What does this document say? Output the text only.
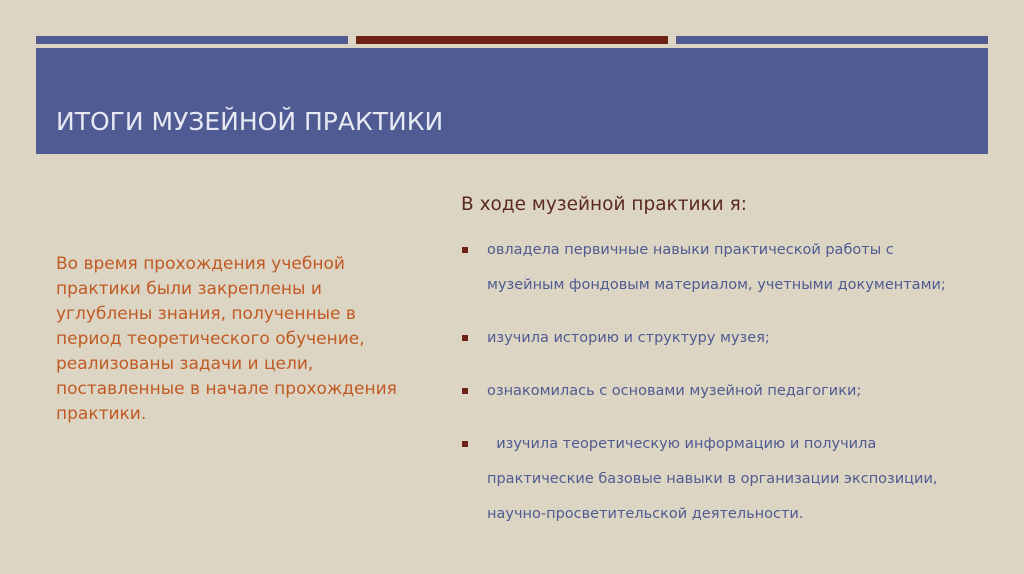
ИТОГИ МУЗЕЙНОЙ ПРАКТИКИ

Во время прохождения учебной практики были закреплены и углублены знания, полученные в период теоретического обучение, реализованы задачи и цели, поставленные в начале прохождения практики.

В ходе музейной практики я:
овладела первичные навыки практической работы с музейным фондовым материалом, учетными документами;
изучила историю и структуру музея;
ознакомилась с основами музейной педагогики;
изучила теоретическую информацию и получила практические базовые навыки в организации экспозиции, научно-просветительской деятельности.
